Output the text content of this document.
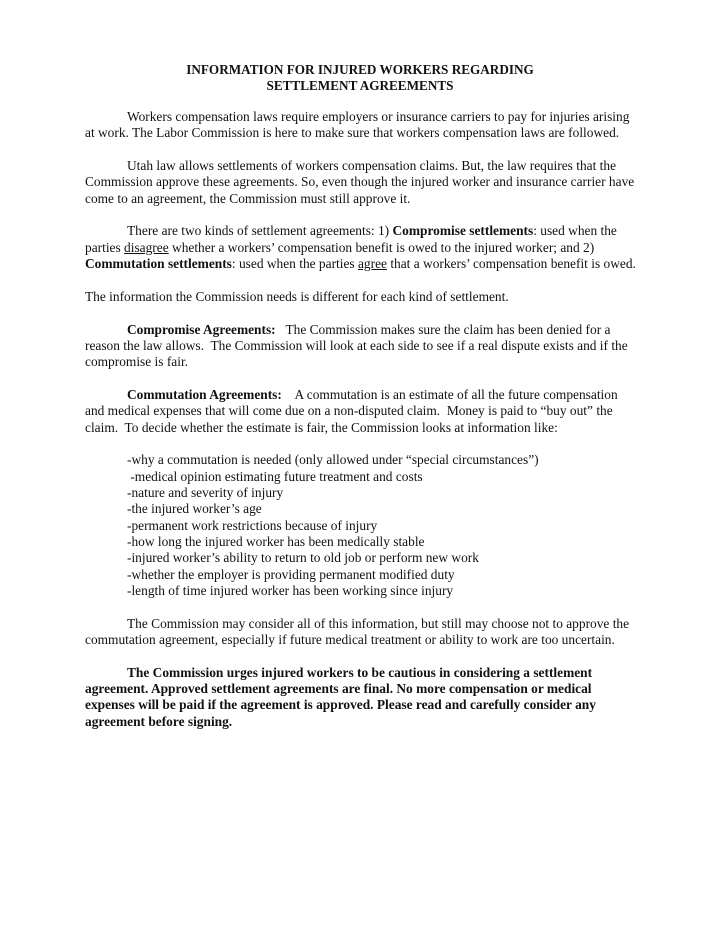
INFORMATION FOR INJURED WORKERS REGARDING
SETTLEMENT AGREEMENTS

Workers compensation laws require employers or insurance carriers to pay for injuries arising at work. The Labor Commission is here to make sure that workers compensation laws are followed.

Utah law allows settlements of workers compensation claims. But, the law requires that the Commission approve these agreements. So, even though the injured worker and insurance carrier have come to an agreement, the Commission must still approve it.

There are two kinds of settlement agreements: 1) Compromise settlements: used when the parties disagree whether a workers’ compensation benefit is owed to the injured worker; and 2) Commutation settlements: used when the parties agree that a workers’ compensation benefit is owed.

The information the Commission needs is different for each kind of settlement.

Compromise Agreements:   The Commission makes sure the claim has been denied for a reason the law allows.  The Commission will look at each side to see if a real dispute exists and if the compromise is fair.

Commutation Agreements:    A commutation is an estimate of all the future compensation and medical expenses that will come due on a non-disputed claim.  Money is paid to “buy out” the claim.  To decide whether the estimate is fair, the Commission looks at information like:

-why a commutation is needed (only allowed under “special circumstances”)
-medical opinion estimating future treatment and costs
-nature and severity of injury
-the injured worker’s age
-permanent work restrictions because of injury
-how long the injured worker has been medically stable
-injured worker’s ability to return to old job or perform new work
-whether the employer is providing permanent modified duty
-length of time injured worker has been working since injury

The Commission may consider all of this information, but still may choose not to approve the commutation agreement, especially if future medical treatment or ability to work are too uncertain.

The Commission urges injured workers to be cautious in considering a settlement agreement. Approved settlement agreements are final. No more compensation or medical expenses will be paid if the agreement is approved. Please read and carefully consider any agreement before signing.
